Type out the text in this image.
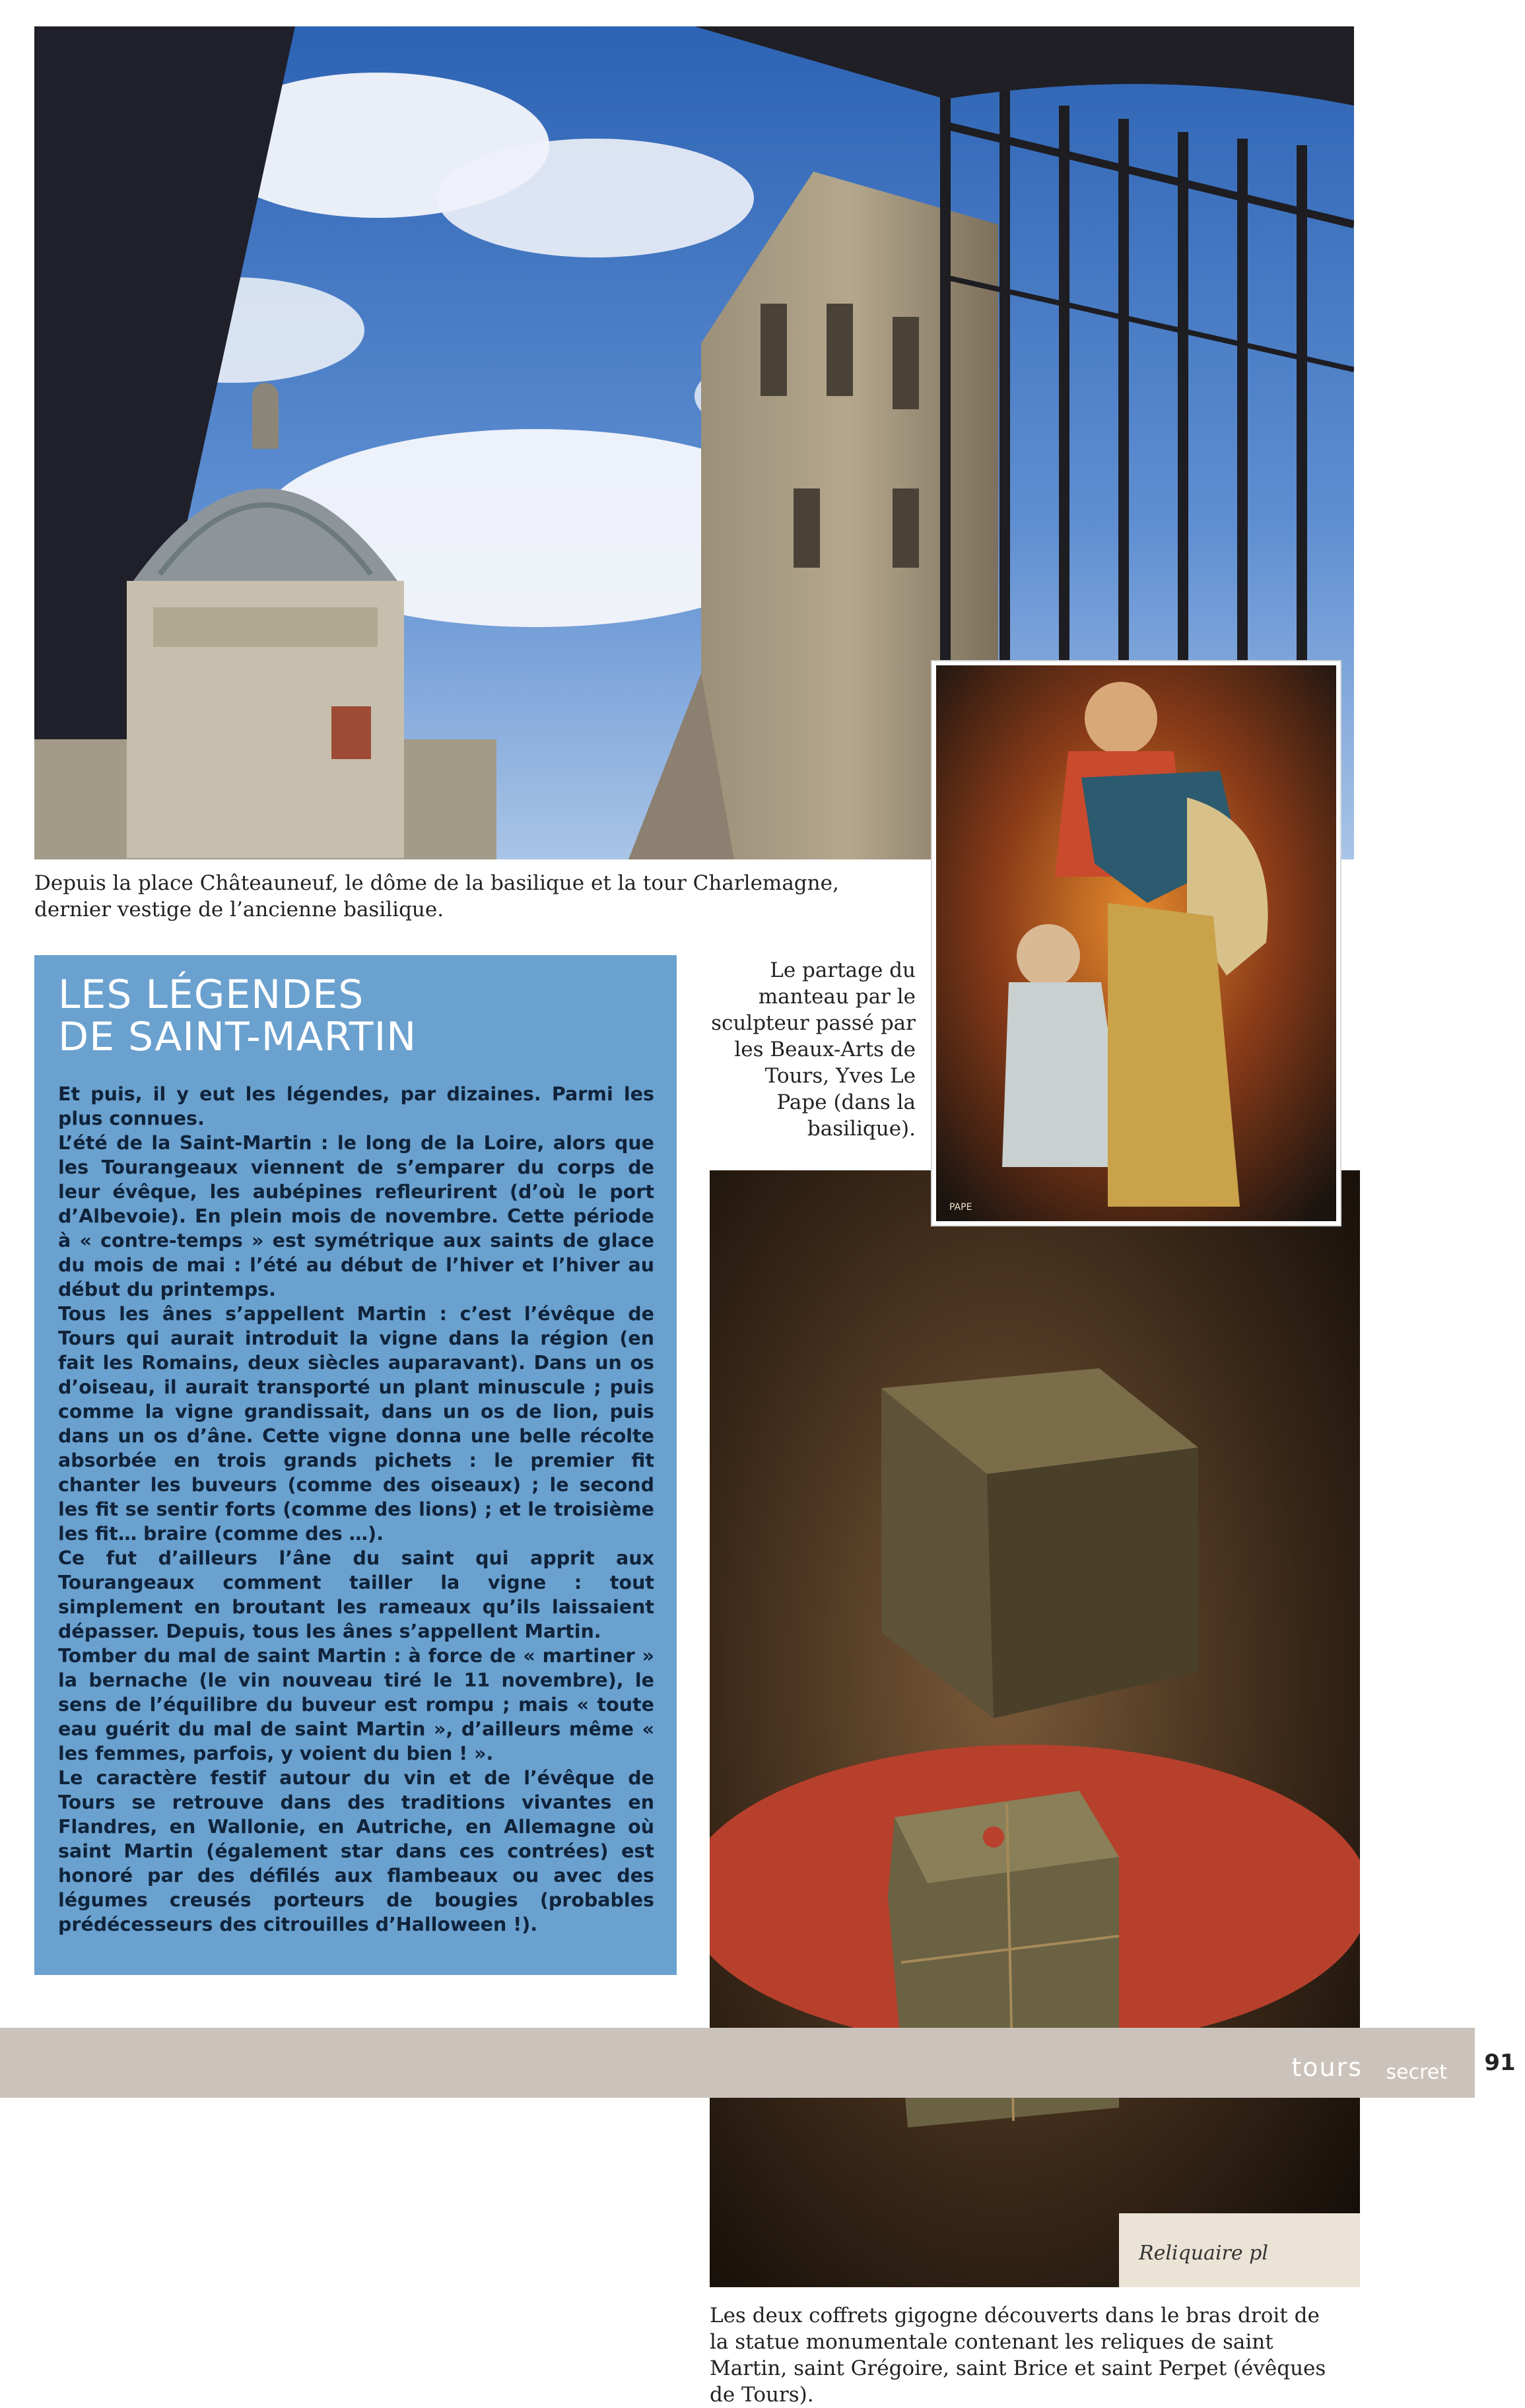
Depuis la place Châteauneuf, le dôme de la basilique et la tour Charlemagne, dernier vestige de l’ancienne basilique.
PAPE
Le partage du manteau par le sculpteur passé par les Beaux-Arts de Tours, Yves Le Pape (dans la basilique).
LES LÉGENDES
DE SAINT-MARTIN

Et puis, il y eut les légendes, par dizaines. Parmi les plus connues.

L’été de la Saint-Martin : le long de la Loire, alors que les Tourangeaux viennent de s’emparer du corps de leur évêque, les aubépines refleurirent (d’où le port d’Albevoie). En plein mois de novembre. Cette période à « contre-temps » est symétrique aux saints de glace du mois de mai : l’été au début de l’hiver et l’hiver au début du printemps.

Tous les ânes s’appellent Martin : c’est l’évêque de Tours qui aurait introduit la vigne dans la région (en fait les Romains, deux siècles auparavant). Dans un os d’oiseau, il aurait transporté un plant minuscule ; puis comme la vigne grandissait, dans un os de lion, puis dans un os d’âne. Cette vigne donna une belle récolte absorbée en trois grands pichets : le premier fit chanter les buveurs (comme des oiseaux) ; le second les fit se sentir forts (comme des lions) ; et le troisième les fit… braire (comme des …).

Ce fut d’ailleurs l’âne du saint qui apprit aux Tourangeaux comment tailler la vigne : tout simplement en broutant les rameaux qu’ils laissaient dépasser. Depuis, tous les ânes s’appellent Martin.

Tomber du mal de saint Martin : à force de « martiner » la bernache (le vin nouveau tiré le 11 novembre), le sens de l’équilibre du buveur est rompu ; mais « toute eau guérit du mal de saint Martin », d’ailleurs même « les femmes, parfois, y voient du bien ! ».

Le caractère festif autour du vin et de l’évêque de Tours se retrouve dans des traditions vivantes en Flandres, en Wallonie, en Autriche, en Allemagne où saint Martin (également star dans ces contrées) est honoré par des défilés aux flambeaux ou avec des légumes creusés porteurs de bougies (probables prédécesseurs des citrouilles d’Halloween !).

Reliquaire pl
Les deux coffrets gigogne découverts dans le bras droit de la statue monumentale contenant les reliques de saint Martin, saint Grégoire, saint Brice et saint Perpet (évêques de Tours).
tours secret	91
